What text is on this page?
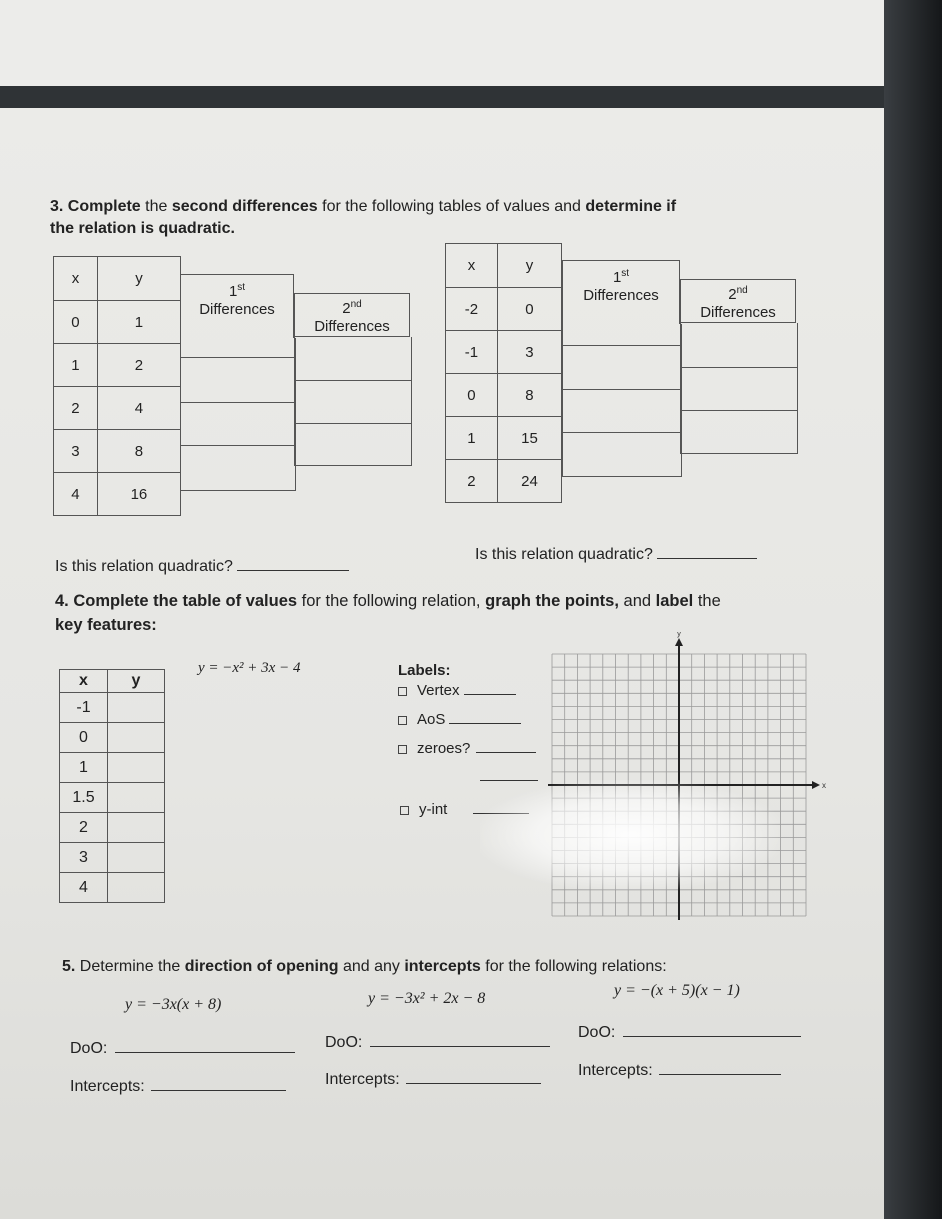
3. Complete the second differences for the following tables of values and determine if
the relation is quadratic.
x	y
0	1
1	2
2	4
3	8
4	16
1st
Differences	2nd
Differences
x	y
-2	0
-1	3
0	8
1	15
2	24
1st
Differences	2nd
Differences
Is this relation quadratic?
Is this relation quadratic?
4. Complete the table of values for the following relation, graph the points, and label the
key features:
x	y
-1	
0	
1	
1.5	
2	
3	
4	
y = −x² + 3x − 4	Labels:
Vertex
AoS
zeroes?
y-int
y
x
5. Determine the direction of opening and any intercepts for the following relations:
y = −3x(x + 8)	y = −3x² + 2x − 8	y = −(x + 5)(x − 1)
DoO:	DoO:
DoO:
Intercepts:	Intercepts:
Intercepts:
